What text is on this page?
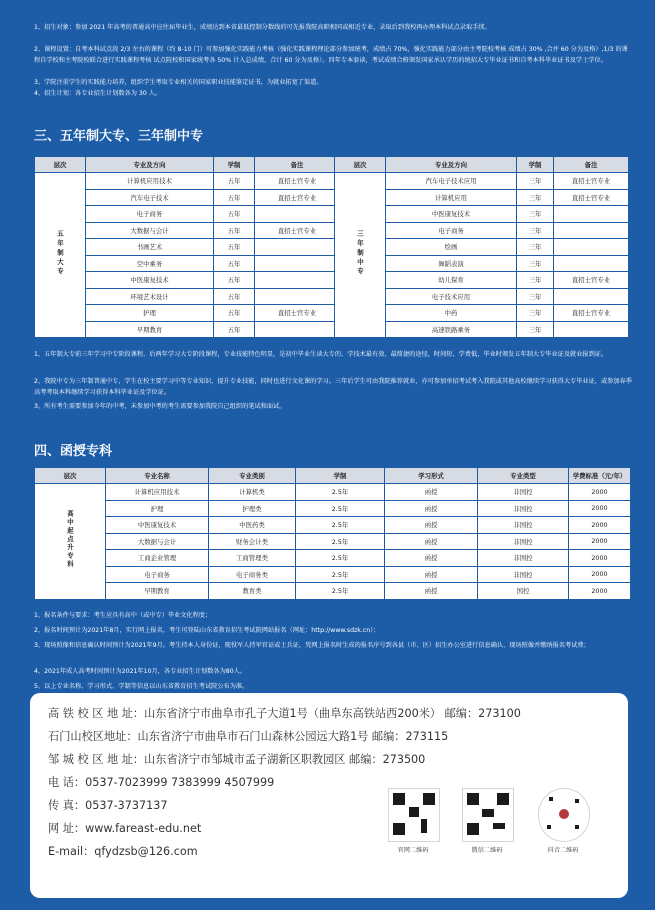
1、招生对象：参加 2021 年高考的普通高中应往届毕业生，成绩达到本省最低控制分数线的可先报我院高职相同或相近专业，录取后到我校再办理本科试点录取手续。

2、课程设置：自考本科试点段 2/3 左右的课程（约 8-10 门）可参加强化实践能力考核（强化实践课程理论部分参加统考，成绩占 70%，强化实践能力部分由主考院校考核 成绩占 30% ,合并 60 分为及格）,1/3 的课程自学校和主考院校联合进行实践课程考核 试点院校和国家统考各 50% 计入总成绩，合计 60 分为及格）。四年专本套读，考试成绩合格颁发国家承认学历的统招大专毕业证书和自考本科毕业证书及学士学位。

3、学院注重学生的实践能力培养，组织学生考取专业相关的国家职业技能鉴定证书，为就业拓宽了渠道。

4、招生计划：各专业招生计划数各为 30 人。

三、五年制大专、三年制中专
层次	专业及方向	学制	备注
五年制大专	计算机应用技术	五年	直招士官专业
	汽车电子技术	五年	直招士官专业
	电子商务	五年	
	大数据与会计	五年	直招士官专业
	书画艺术	五年	
	空中乘务	五年	
	中医康复技术	五年	
	环境艺术设计	五年	
	护理	五年	直招士官专业
	早期教育	五年	
层次	专业及方向	学制	备注
三年制中专	汽车电子技术应用	三年	直招士官专业
	计算机应用	三年	直招士官专业
	中医康复技术	三年	
	电子商务	三年	
	绘画	三年	
	舞蹈表演	三年	
	幼儿保育	三年	直招士官专业
	电子技术应用	三年	
	中药	三年	直招士官专业
	高速铁路乘务	三年	

1、五年制大专前三年学习中专阶段课程，后两年学习大专阶段课程，专业技能特色明显，是初中毕业生读大专的、学技术最有效、最简捷的途径，时间短、学费低，毕业时颁发五年制大专毕业证及就业报到证。

2、我院中专为三年制普通中专，学生在校主要学习中等专业知识，提升专业技能，同时也进行文化课的学习。三年后学生可由我院推荐就业，亦可参加单招考试考入我院或其他高校继续学习获得大专毕业证，或参加春季高考考取本科继续学习获得本科毕业证及学位证。

3、所有考生需要参加今年的中考，未参加中考的考生需要参加我院自己组织的笔试和面试。

四、函授专科
层次	专业名称	专业类别	学制	学习形式	专业类型	学费标准（元/年）
高中起点升专科	计算机应用技术	计算机类	2.5年	函授	非国控	2000
	护理	护理类	2.5年	函授	非国控	2000
	中医康复技术	中医药类	2.5年	函授	非国控	2000
	大数据与会计	财务会计类	2.5年	函授	非国控	2000
	工商企业管理	工商管理类	2.5年	函授	非国控	2000
	电子商务	电子商务类	2.5年	函授	非国控	2000
	早期教育	教育类	2.5年	函授	国控	2000

1、报名条件与要求：考生应具有高中（或中专）毕业文化程度；

2、报名时间预计为2021年8月，实行网上报名，考生可登陆山东省教育招生考试院网站报名（网址：http://www.sdzk.cn）；

3、现场照像和信息确认时间预计为2021年9月。考生持本人身份证，现役军人持军官证或士兵证，凭网上报名时生成的报名序号到各县（市、区）招生办公室进行信息确认、现场照像并缴纳报名考试费；

4、2021年成人高考时间预计为2021年10月，各专业招生计划数各为80人。

5、以上专业名称、学习形式、学制等信息以山东省教育招生考试院公布为准。

高 铁 校 区 地 址：山东省济宁市曲阜市孔子大道1号（曲阜东高铁站西200米） 邮编：273100
石门山校区地址：山东省济宁市曲阜市石门山森林公园远大路1号 邮编：273115
邹 城 校 区 地 址：山东省济宁市邹城市孟子湖新区职教园区 邮编：273500
电 话：0537-7023999 7383999 4507999
传 真：0537-3737137
网 址：www.fareast-edu.net
E-mail：qfydzsb@126.com	官网二维码	微信二维码	抖音二维码
